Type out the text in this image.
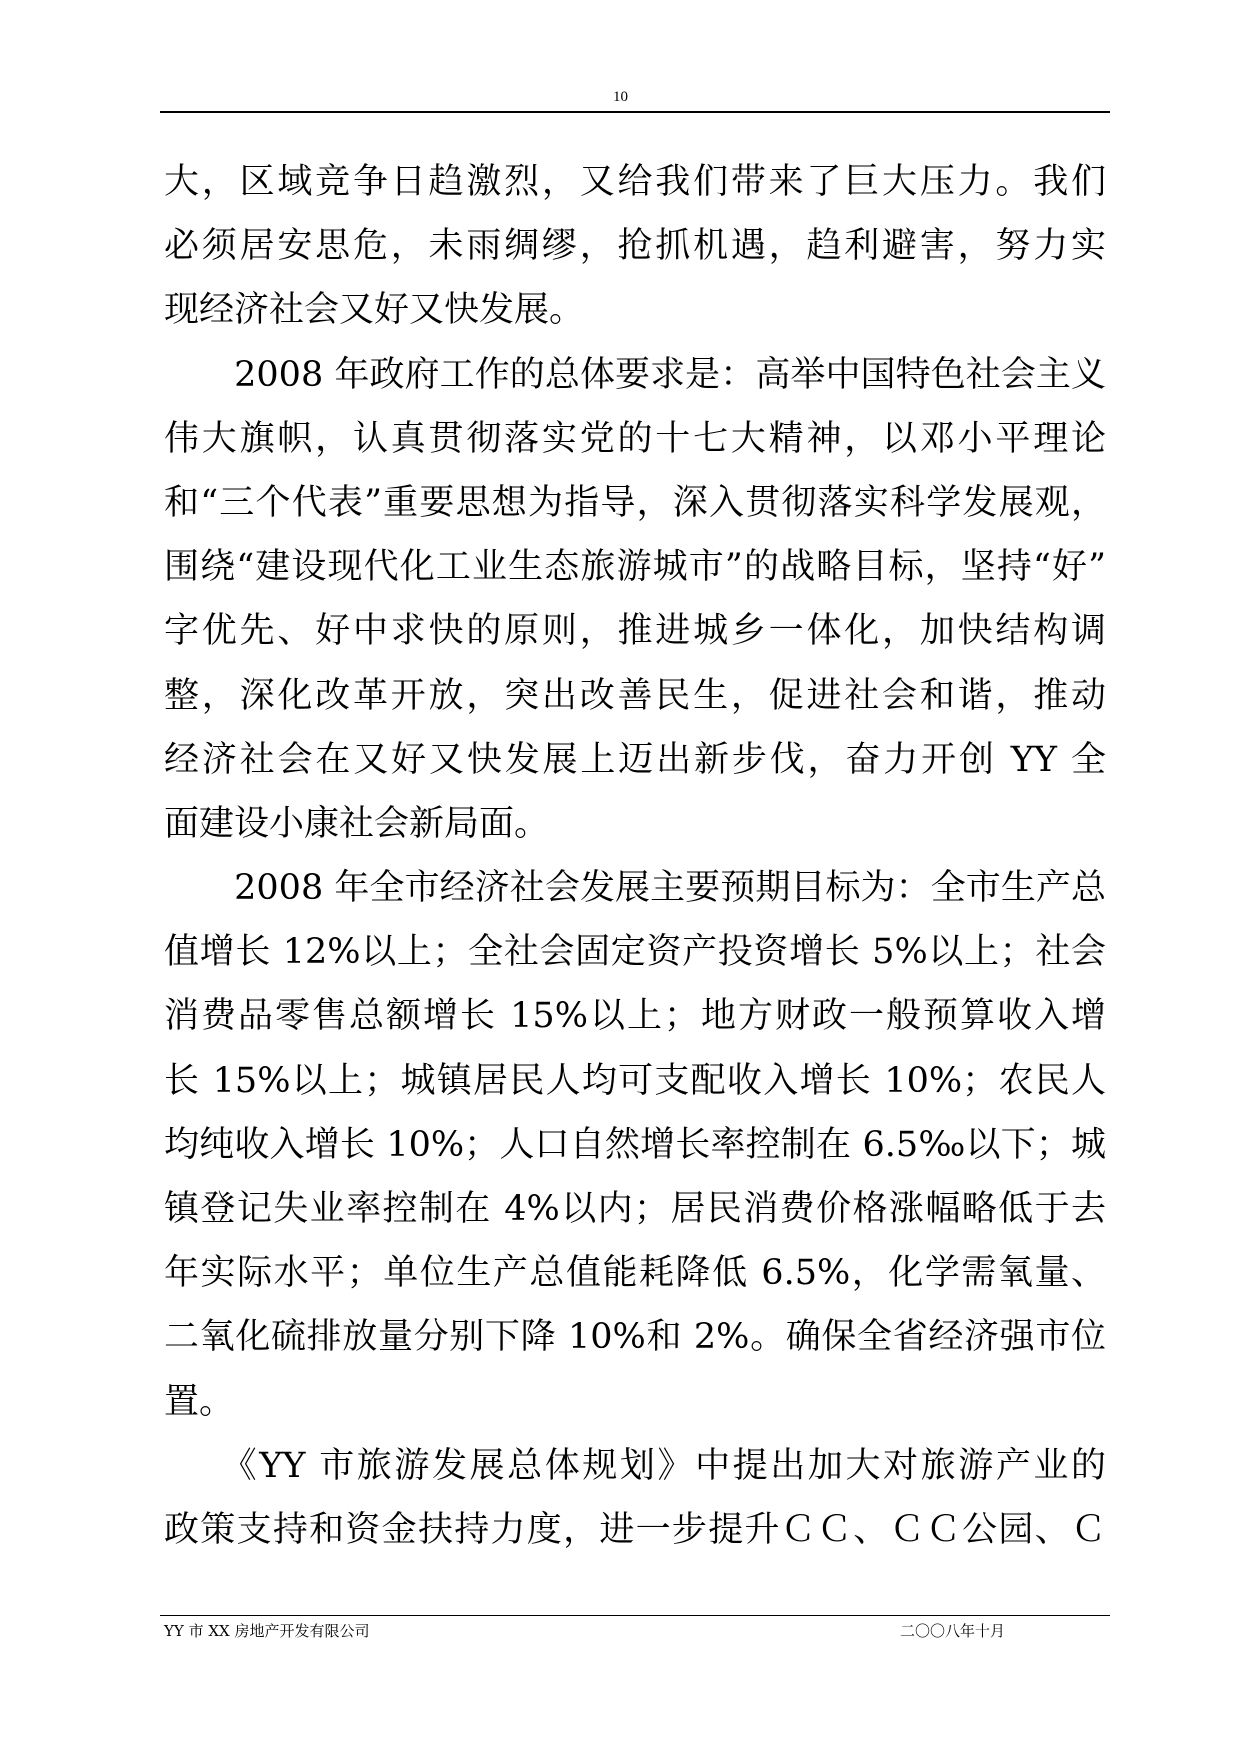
10
大，区域竞争日趋激烈，又给我们带来了巨大压力。我们
必须居安思危，未雨绸缪，抢抓机遇，趋利避害，努力实
现经济社会又好又快发展。
　　2008 年政府工作的总体要求是：高举中国特色社会主义
伟大旗帜，认真贯彻落实党的十七大精神，以邓小平理论
和“三个代表”重要思想为指导，深入贯彻落实科学发展观，
围绕“建设现代化工业生态旅游城市”的战略目标，坚持“好”
字优先、好中求快的原则，推进城乡一体化，加快结构调
整，深化改革开放，突出改善民生，促进社会和谐，推动
经济社会在又好又快发展上迈出新步伐，奋力开创 YY 全
面建设小康社会新局面。
　　2008 年全市经济社会发展主要预期目标为：全市生产总
值增长 12%以上；全社会固定资产投资增长 5%以上；社会
消费品零售总额增长 15%以上；地方财政一般预算收入增
长 15%以上；城镇居民人均可支配收入增长 10%；农民人
均纯收入增长 10%；人口自然增长率控制在 6.5‰以下；城
镇登记失业率控制在 4%以内；居民消费价格涨幅略低于去
年实际水平；单位生产总值能耗降低 6.5%，化学需氧量、
二氧化硫排放量分别下降 10%和 2%。确保全省经济强市位
置。
　　《YY 市旅游发展总体规划》中提出加大对旅游产业的
政策支持和资金扶持力度，进一步提升ＣＣ、ＣＣ公园、Ｃ
YY 市 XX 房地产开发有限公司	二〇〇八年十月
